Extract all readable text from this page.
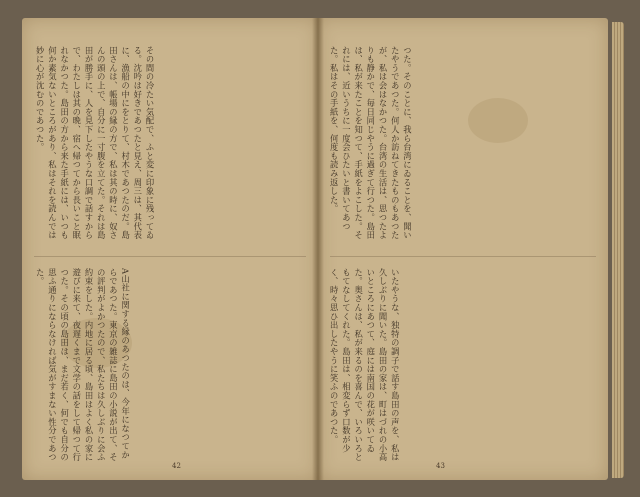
その間の冷たい気配で、ふと変に印象に残ってゐる。沈吟は好きであつたと見え、周三は、其代表に、漁船の中にをとりて、村木であつたのだ。島田さんは、帳場の縁の方で、私は其の時に、奴さんの頭の上で、自分に一寸腹を立てた。それは島田が勝手に、人を見下したやうな口調で話すからで、わたしは其の晩、宿へ帰つてから長いこと眠れなかつた。島田の方から来た手紙には、いつも何か素気ないところがあり、私はそれを読んでは妙に心が沈むのであつた。
A山社に関する縁のあつたのは、今年になつてからであつた。東京の雑誌に島田の小説が出て、その評判がよかつたので、私たちは久しぶりに会ふ約束をした。内地に居る頃、島田はよく私の家に遊びに来て、夜遅くまで文学の話をして帰つて行つた。その頃の島田は、まだ若く、何でも自分の思ふ通りにならなければ気がすまない性分であつた。
42
つた。そのことに、我ら台湾にゐることを、聞いたやうであつた。何人か訪ねてきたものもあつたが、私は会はなかつた。台湾の生活は、思つたよりも静かで、毎日同じやうに過ぎて行つた。島田は、私が来たことを知つて、手紙をよこした。それには、近いうちに一度会ひたいと書いてあつた。私はその手紙を、何度も読み返した。
いたやうな、独特の調子で話す島田の声を、私は久しぶりに聞いた。島田の家は、町はづれの小高いところにあつて、庭には南国の花が咲いてゐた。奥さんは、私が来るのを喜んで、いろいろともてなしてくれた。島田は、相変らず口数が少く、時々思ひ出したやうに笑ふのであつた。
43
